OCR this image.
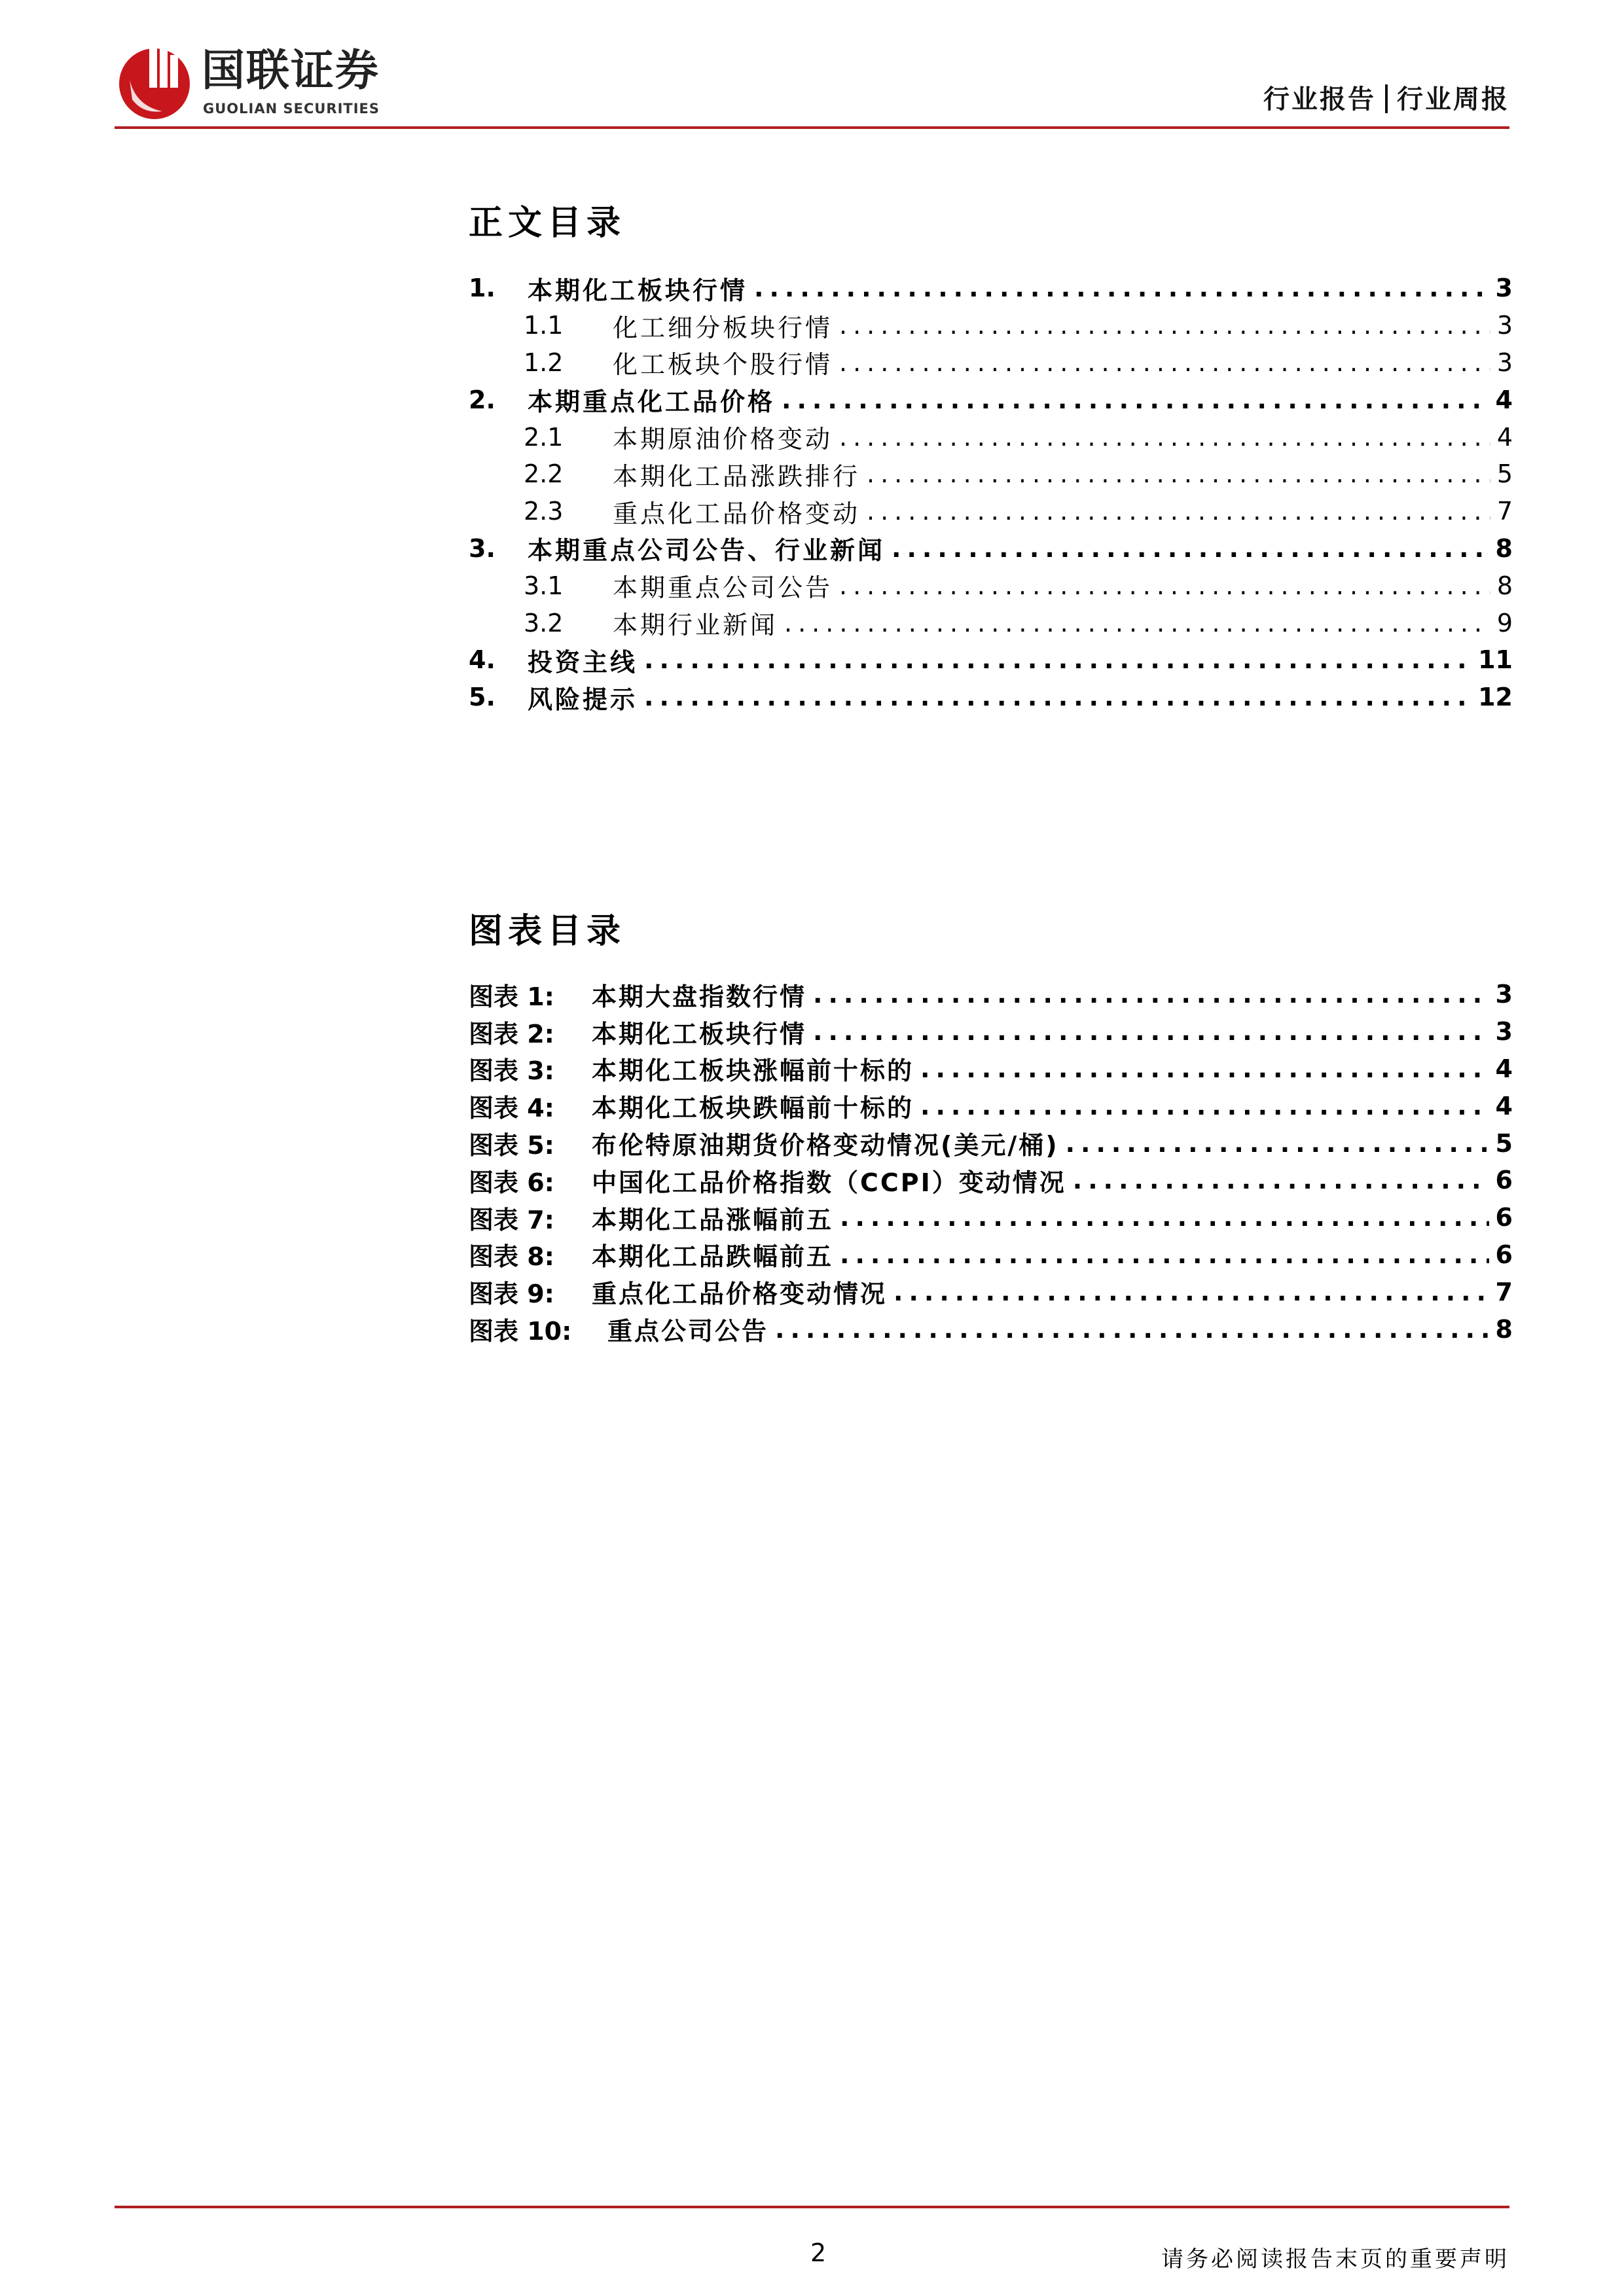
国联证券
GUOLIAN SECURITIES	行业报告 行业周报
正文目录
1.	本期化工板块行情 .....	3
1.1	化工细分板块行情 .....	3
1.2	化工板块个股行情 .....	3
2.	本期重点化工品价格 .....	4
2.1	本期原油价格变动 .....	4
2.2	本期化工品涨跌排行 .....	5
2.3	重点化工品价格变动 .....	7
3.	本期重点公司公告、行业新闻 .....	8
3.1	本期重点公司公告 .....	8
3.2	本期行业新闻 .....	9
4.	投资主线 .....	11
5.	风险提示 .....	12
图表目录
图表 1:	本期大盘指数行情 .....	3
图表 2:	本期化工板块行情 .....	3
图表 3:	本期化工板块涨幅前十标的 .....	4
图表 4:	本期化工板块跌幅前十标的 .....	4
图表 5:	布伦特原油期货价格变动情况(美元/桶) .....	5
图表 6:	中国化工品价格指数（CCPI）变动情况 .....	6
图表 7:	本期化工品涨幅前五 .....	6
图表 8:	本期化工品跌幅前五 .....	6
图表 9:	重点化工品价格变动情况 .....	7
图表 10:	重点公司公告 .....	8
2	请务必阅读报告末页的重要声明
